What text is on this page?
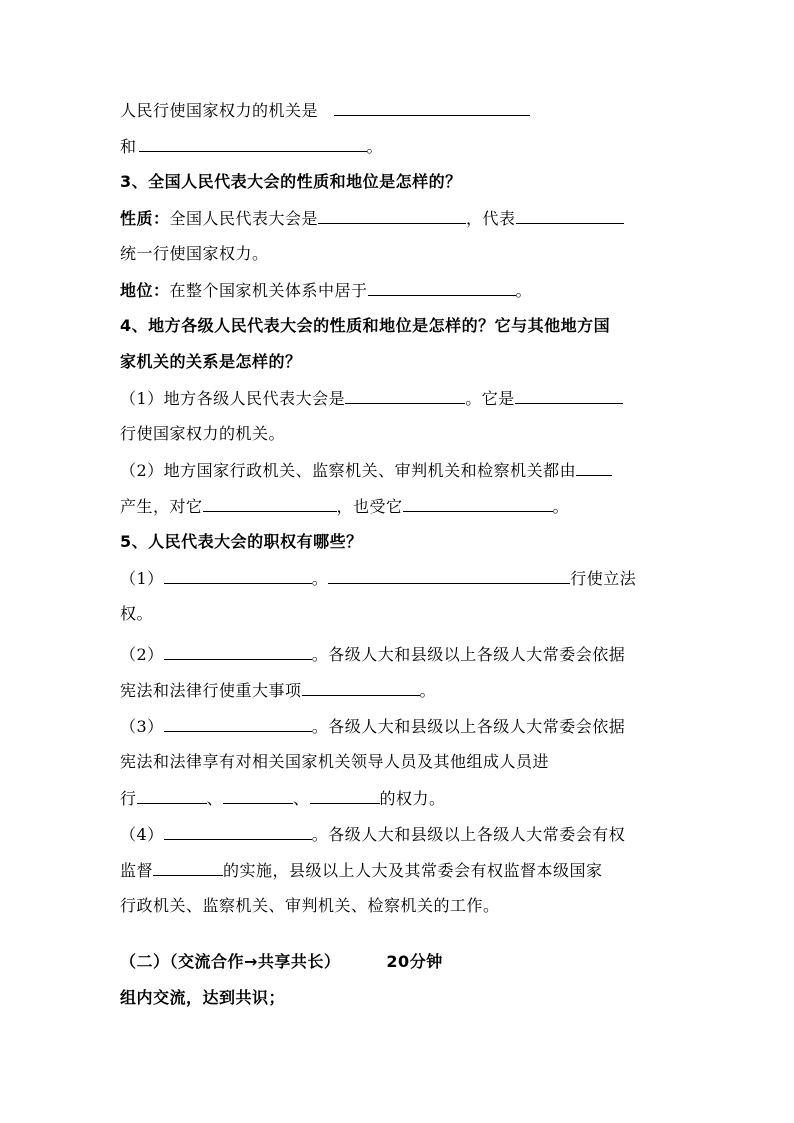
人民行使国家权力的机关是
和	。
3、全国人民代表大会的性质和地位是怎样的？
性质：全国人民代表大会是	，代表
统一行使国家权力。
地位：在整个国家机关体系中居于	。
4、地方各级人民代表大会的性质和地位是怎样的？它与其他地方国
家机关的关系是怎样的？
（1）地方各级人民代表大会是	。它是
行使国家权力的机关。
（2）地方国家行政机关、监察机关、审判机关和检察机关都由
产生，对它	，也受它	。
5、人民代表大会的职权有哪些？
（1）	。	行使立法
权。
（2）	。各级人大和县级以上各级人大常委会依据
宪法和法律行使重大事项	。
（3）	。各级人大和县级以上各级人大常委会依据
宪法和法律享有对相关国家机关领导人员及其他组成人员进
行	、	、	的权力。
（4）	。各级人大和县级以上各级人大常委会有权
监督	的实施，县级以上人大及其常委会有权监督本级国家
行政机关、监察机关、审判机关、检察机关的工作。
（二）（交流合作→共享共长）	20分钟
组内交流，达到共识；
